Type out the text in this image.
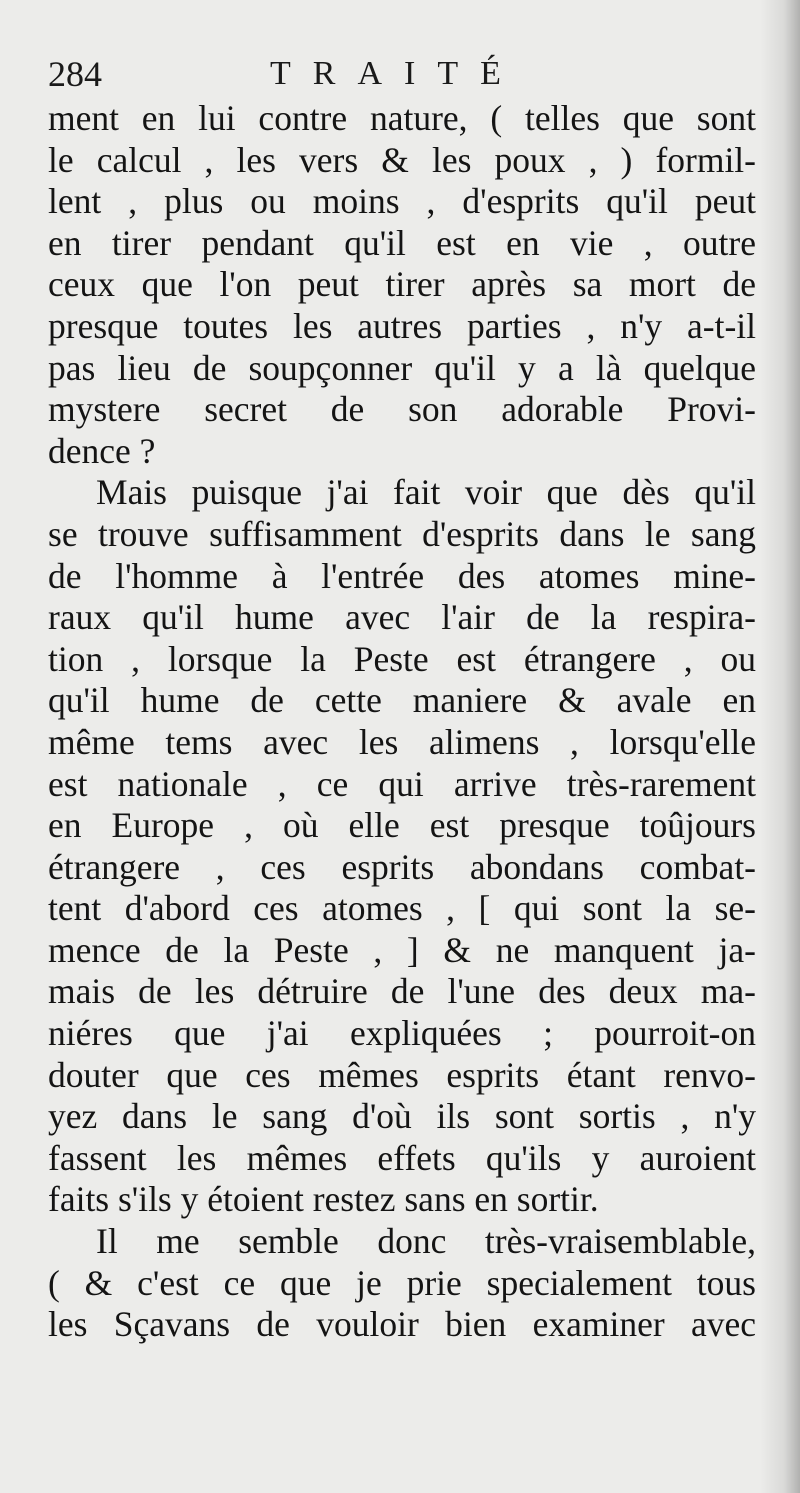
284	TRAITÉ
ment en lui contre nature, ( telles que sont
le calcul , les vers & les poux , ) formil-
lent , plus ou moins , d'esprits qu'il peut
en tirer pendant qu'il est en vie , outre
ceux que l'on peut tirer après sa mort de
presque toutes les autres parties , n'y a-t-il
pas lieu de soupçonner qu'il y a là quelque
mystere secret de son adorable Provi-
dence ?
Mais puisque j'ai fait voir que dès qu'il
se trouve suffisamment d'esprits dans le sang
de l'homme à l'entrée des atomes mine-
raux qu'il hume avec l'air de la respira-
tion , lorsque la Peste est étrangere , ou
qu'il hume de cette maniere & avale en
même tems avec les alimens , lorsqu'elle
est nationale , ce qui arrive très-rarement
en Europe , où elle est presque toûjours
étrangere , ces esprits abondans combat-
tent d'abord ces atomes , [ qui sont la se-
mence de la Peste , ] & ne manquent ja-
mais de les détruire de l'une des deux ma-
niéres que j'ai expliquées ; pourroit-on
douter que ces mêmes esprits étant renvo-
yez dans le sang d'où ils sont sortis , n'y
fassent les mêmes effets qu'ils y auroient
faits s'ils y étoient restez sans en sortir.
Il me semble donc très-vraisemblable,
( & c'est ce que je prie specialement tous
les Sçavans de vouloir bien examiner avec
